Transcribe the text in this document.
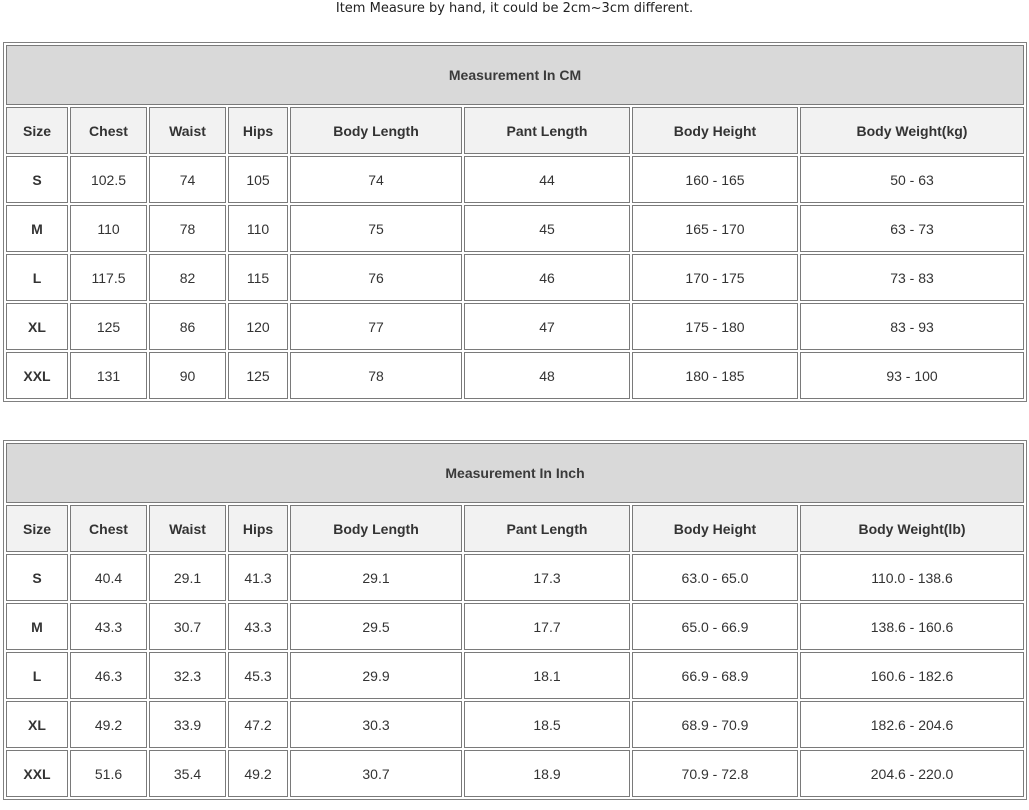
Item Measure by hand, it could be 2cm~3cm different.
Measurement In CM							
Size	Chest	Waist	Hips	Body Length	Pant Length	Body Height	Body Weight(kg)
S	102.5	74	105	74	44	160 - 165	50 - 63
M	110	78	110	75	45	165 - 170	63 - 73
L	117.5	82	115	76	46	170 - 175	73 - 83
XL	125	86	120	77	47	175 - 180	83 - 93
XXL	131	90	125	78	48	180 - 185	93 - 100
Measurement In Inch							
Size	Chest	Waist	Hips	Body Length	Pant Length	Body Height	Body Weight(lb)
S	40.4	29.1	41.3	29.1	17.3	63.0 - 65.0	110.0 - 138.6
M	43.3	30.7	43.3	29.5	17.7	65.0 - 66.9	138.6 - 160.6
L	46.3	32.3	45.3	29.9	18.1	66.9 - 68.9	160.6 - 182.6
XL	49.2	33.9	47.2	30.3	18.5	68.9 - 70.9	182.6 - 204.6
XXL	51.6	35.4	49.2	30.7	18.9	70.9 - 72.8	204.6 - 220.0
